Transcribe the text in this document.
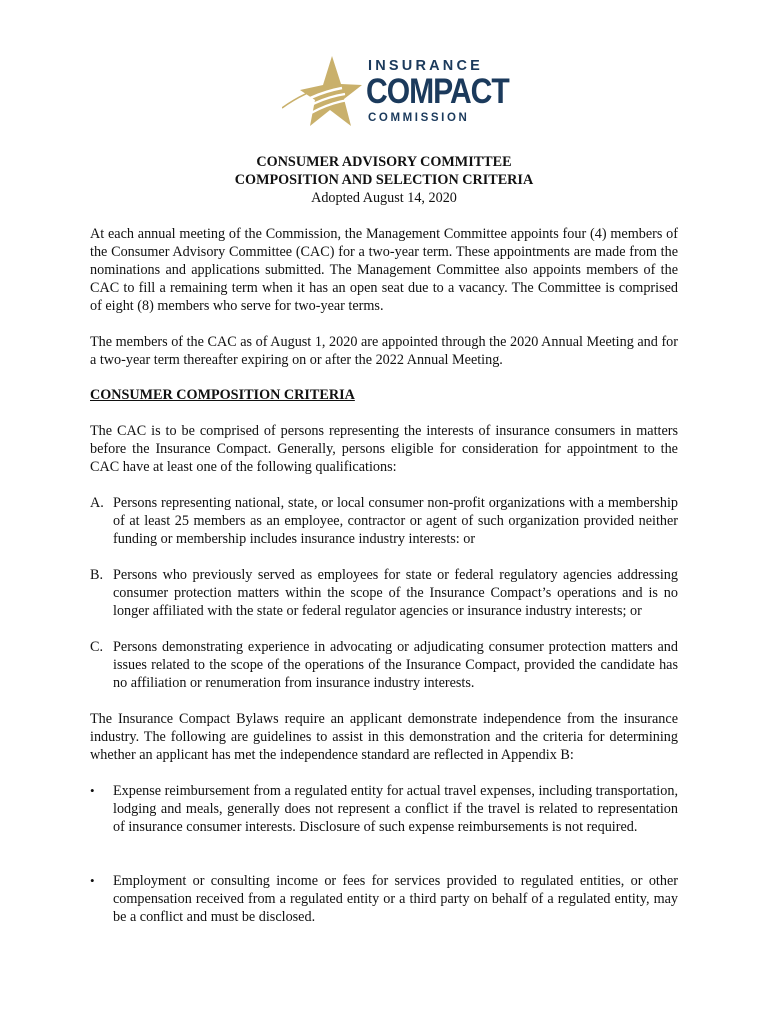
INSURANCE
COMPACT
COMMISSION
CONSUMER ADVISORY COMMITTEE
COMPOSITION AND SELECTION CRITERIA
Adopted August 14, 2020
At each annual meeting of the Commission, the Management Committee appoints four (4) members of the Consumer Advisory Committee (CAC) for a two-year term. These appointments are made from the nominations and applications submitted. The Management Committee also appoints members of the CAC to fill a remaining term when it has an open seat due to a vacancy. The Committee is comprised of eight (8) members who serve for two-year terms.
The members of the CAC as of August 1, 2020 are appointed through the 2020 Annual Meeting and for a two-year term thereafter expiring on or after the 2022 Annual Meeting.
CONSUMER COMPOSITION CRITERIA
The CAC is to be comprised of persons representing the interests of insurance consumers in matters before the Insurance Compact. Generally, persons eligible for consideration for appointment to the CAC have at least one of the following qualifications:
A. Persons representing national, state, or local consumer non-profit organizations with a membership of at least 25 members as an employee, contractor or agent of such organization provided neither funding or membership includes insurance industry interests: or
B. Persons who previously served as employees for state or federal regulatory agencies addressing consumer protection matters within the scope of the Insurance Compact’s operations and is no longer affiliated with the state or federal regulator agencies or insurance industry interests; or
C. Persons demonstrating experience in advocating or adjudicating consumer protection matters and issues related to the scope of the operations of the Insurance Compact, provided the candidate has no affiliation or renumeration from insurance industry interests.
The Insurance Compact Bylaws require an applicant demonstrate independence from the insurance industry. The following are guidelines to assist in this demonstration and the criteria for determining whether an applicant has met the independence standard are reflected in Appendix B:
• Expense reimbursement from a regulated entity for actual travel expenses, including transportation, lodging and meals, generally does not represent a conflict if the travel is related to representation of insurance consumer interests. Disclosure of such expense reimbursements is not required.
• Employment or consulting income or fees for services provided to regulated entities, or other compensation received from a regulated entity or a third party on behalf of a regulated entity, may be a conflict and must be disclosed.
